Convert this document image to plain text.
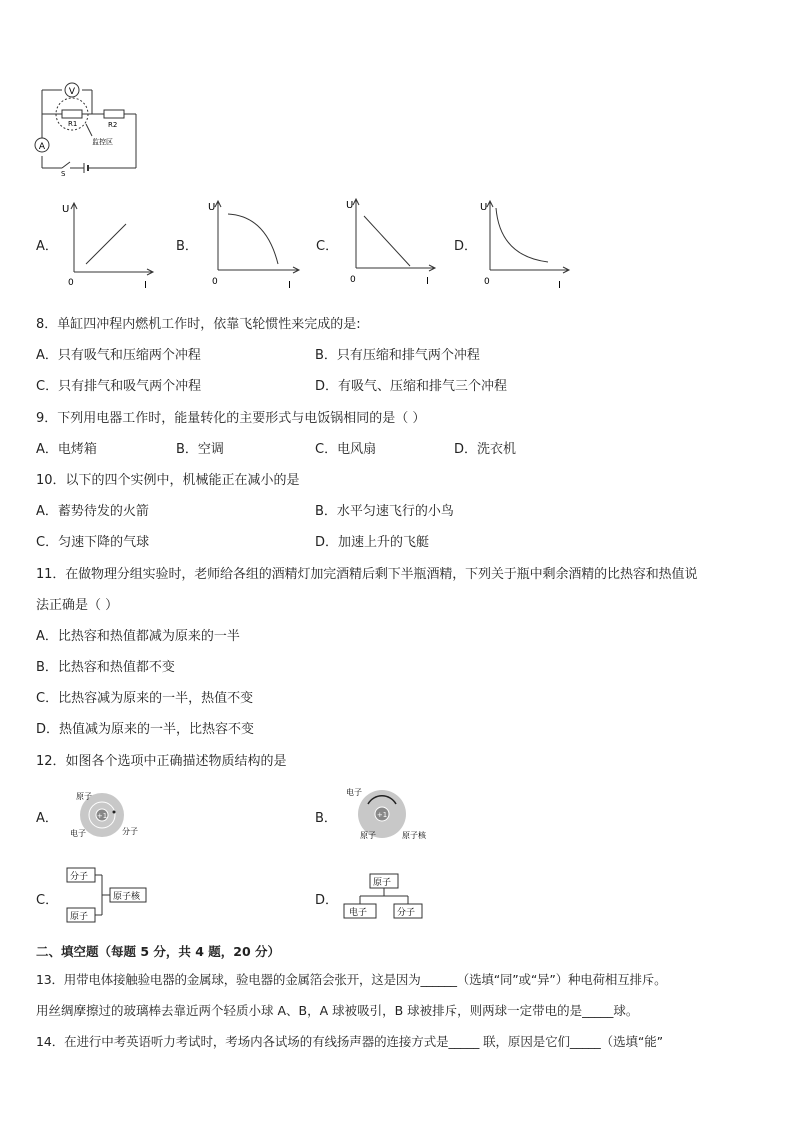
V
A
R1	R2
S
监控区
A．
U
0	I
B．
U
0	I
C．
U
0	I
D．
U
0	I
8．单缸四冲程内燃机工作时，依靠飞轮惯性来完成的是:
A．只有吸气和压缩两个冲程	B．只有压缩和排气两个冲程
C．只有排气和吸气两个冲程	D．有吸气、压缩和排气三个冲程
9．下列用电器工作时，能量转化的主要形式与电饭锅相同的是（ ）
A．电烤箱	B．空调	C．电风扇	D．洗衣机
10．以下的四个实例中，机械能正在减小的是
A．蓄势待发的火箭	B．水平匀速飞行的小鸟
C．匀速下降的气球	D．加速上升的飞艇
11．在做物理分组实验时，老师给各组的酒精灯加完酒精后剩下半瓶酒精，下列关于瓶中剩余酒精的比热容和热值说
法正确是（ ）
A．比热容和热值都减为原来的一半
B．比热容和热值都不变
C．比热容减为原来的一半，热值不变
D．热值减为原来的一半，比热容不变
12．如图各个选项中正确描述物质结构的是
A．	+1
原子
电子	分子
B．	+1
电子
原子	原子核
C．
分子
原子
原子核	D．
原子
电子	分子
二、填空题（每题 5 分，共 4 题，20 分）
13．用带电体接触验电器的金属球，验电器的金属箔会张开，这是因为______（选填“同”或“异”）种电荷相互排斥。
用丝绸摩擦过的玻璃棒去靠近两个轻质小球 A、B，A 球被吸引，B 球被排斥，则两球一定带电的是_____球。
14．在进行中考英语听力考试时，考场内各试场的有线扬声器的连接方式是_____ 联，原因是它们_____（选填“能”
